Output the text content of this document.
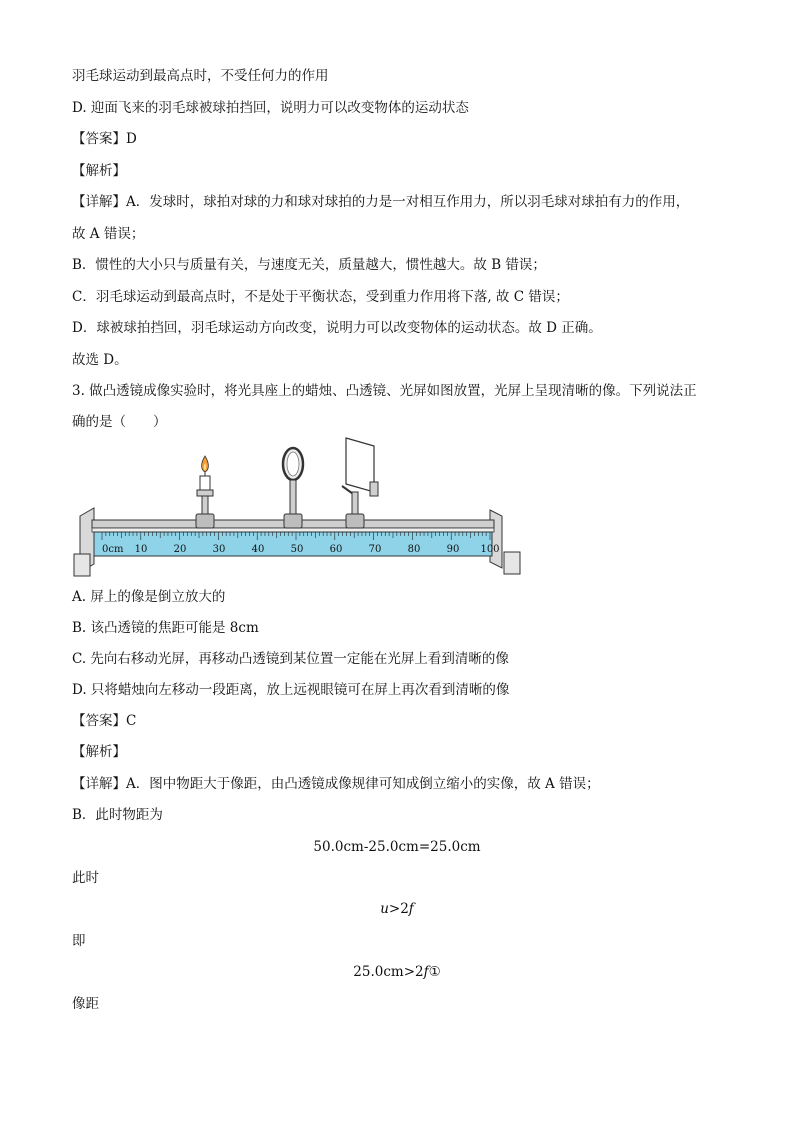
羽毛球运动到最高点时，不受任何力的作用
D. 迎面飞来的羽毛球被球拍挡回，说明力可以改变物体的运动状态
【答案】D
【解析】
【详解】A．发球时，球拍对球的力和球对球拍的力是一对相互作用力，所以羽毛球对球拍有力的作用，
故 A 错误；
B．惯性的大小只与质量有关，与速度无关，质量越大，惯性越大。故 B 错误；
C．羽毛球运动到最高点时，不是处于平衡状态，受到重力作用将下落, 故 C 错误；
D．球被球拍挡回，羽毛球运动方向改变，说明力可以改变物体的运动状态。故 D 正确。
故选 D。
3. 做凸透镜成像实验时，将光具座上的蜡烛、凸透镜、光屏如图放置，光屏上呈现清晰的像。下列说法正
确的是（　　）
0cm 10	20	30	40	50	60	70	80	90 100
A. 屏上的像是倒立放大的
B. 该凸透镜的焦距可能是 8cm
C. 先向右移动光屏，再移动凸透镜到某位置一定能在光屏上看到清晰的像
D. 只将蜡烛向左移动一段距离，放上远视眼镜可在屏上再次看到清晰的像
【答案】C
【解析】
【详解】A．图中物距大于像距，由凸透镜成像规律可知成倒立缩小的实像，故 A 错误；
B．此时物距为
50.0cm-25.0cm=25.0cm
此时
u>2f
即
25.0cm>2f①
像距
